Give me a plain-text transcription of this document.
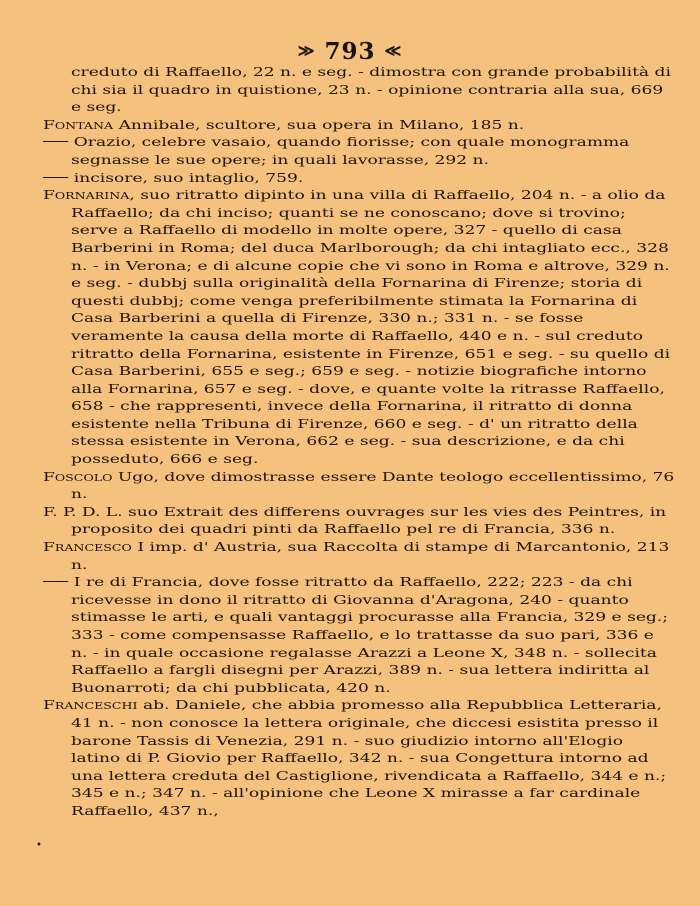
≫ 793 ≪

creduto di Raffaello, 22 n. e seg. - dimostra con grande probabilità di chi sia il quadro in quistione, 23 n. - opinione contraria alla sua, 669 e seg.

Fontana Annibale, scultore, sua opera in Milano, 185 n.

Orazio, celebre vasaio, quando fiorisse; con quale monogramma segnasse le sue opere; in quali lavorasse, 292 n.

incisore, suo intaglio, 759.

Fornarina, suo ritratto dipinto in una villa di Raffaello, 204 n. - a olio da Raffaello; da chi inciso; quanti se ne conoscano; dove si trovino; serve a Raffaello di modello in molte opere, 327 - quello di casa Barberini in Roma; del duca Marlborough; da chi intagliato ecc., 328 n. - in Verona; e di alcune copie che vi sono in Roma e altrove, 329 n. e seg. - dubbj sulla originalità della Fornarina di Firenze; storia di questi dubbj; come venga preferibilmente stimata la Fornarina di Casa Barberini a quella di Firenze, 330 n.; 331 n. - se fosse veramente la causa della morte di Raffaello, 440 e n. - sul creduto ritratto della Fornarina, esistente in Firenze, 651 e seg. - su quello di Casa Barberini, 655 e seg.; 659 e seg. - notizie biografiche intorno alla Fornarina, 657 e seg. - dove, e quante volte la ritrasse Raffaello, 658 - che rappresenti, invece della Fornarina, il ritratto di donna esistente nella Tribuna di Firenze, 660 e seg. - d' un ritratto della stessa esistente in Verona, 662 e seg. - sua descrizione, e da chi posseduto, 666 e seg.

Foscolo Ugo, dove dimostrasse essere Dante teologo eccellentissimo, 76 n.

F. P. D. L. suo Extrait des differens ouvrages sur les vies des Peintres, in proposito dei quadri pinti da Raffaello pel re di Francia, 336 n.

Francesco I imp. d' Austria, sua Raccolta di stampe di Marcantonio, 213 n.

I re di Francia, dove fosse ritratto da Raffaello, 222; 223 - da chi ricevesse in dono il ritratto di Giovanna d'Aragona, 240 - quanto stimasse le arti, e quali vantaggi procurasse alla Francia, 329 e seg.; 333 - come compensasse Raffaello, e lo trattasse da suo pari, 336 e n. - in quale occasione regalasse Arazzi a Leone X, 348 n. - sollecita Raffaello a fargli disegni per Arazzi, 389 n. - sua lettera indiritta al Buonarroti; da chi pubblicata, 420 n.

Franceschi ab. Daniele, che abbia promesso alla Repubblica Letteraria, 41 n. - non conosce la lettera originale, che diccesi esistita presso il barone Tassis di Venezia, 291 n. - suo giudizio intorno all'Elogio latino di P. Giovio per Raffaello, 342 n. - sua Congettura intorno ad una lettera creduta del Castiglione, rivendicata a Raffaello, 344 e n.; 345 e n.; 347 n. - all'opinione che Leone X mirasse a far cardinale Raffaello, 437 n.,

•
